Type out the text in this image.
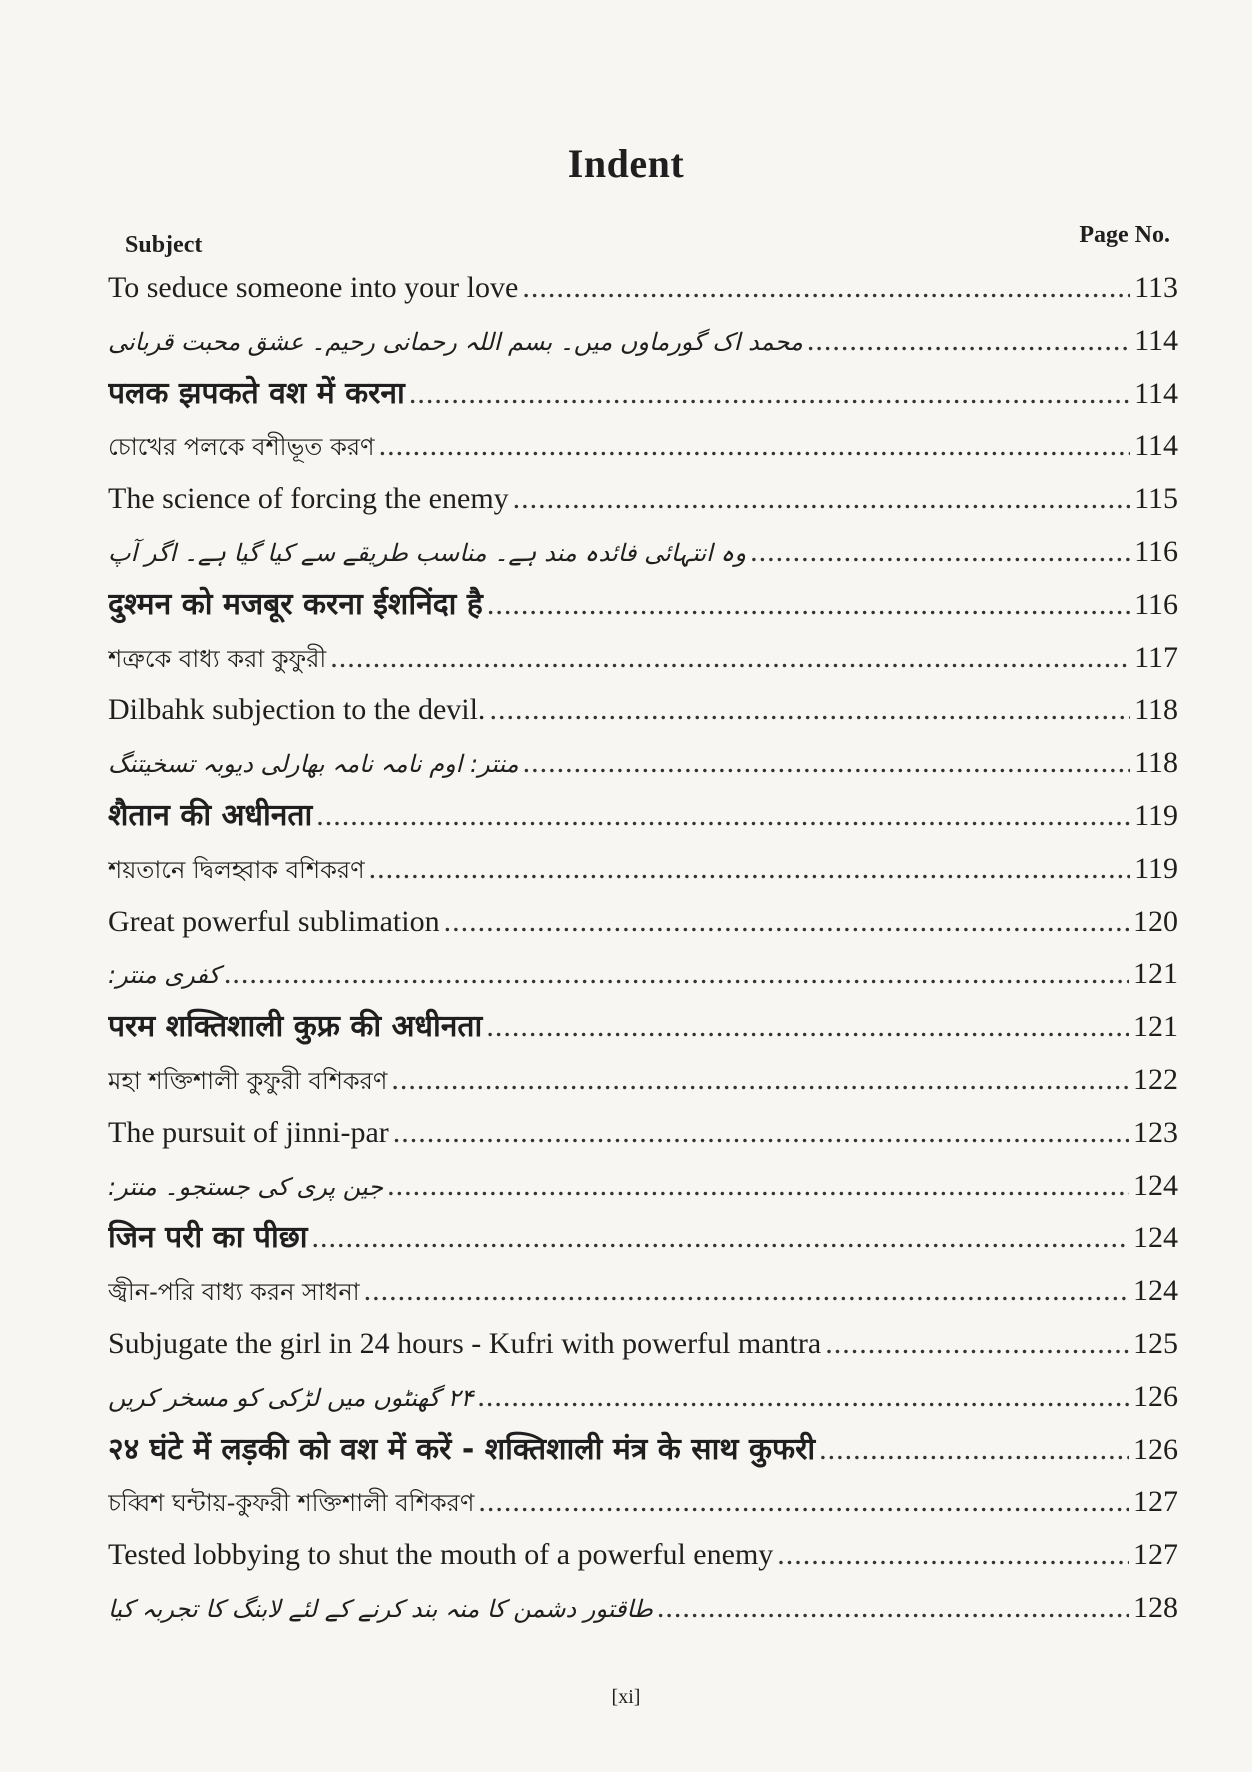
Indent
Subject	Page No.
To seduce someone into your love .....	113
محمد اک گورماوں میں۔ بسم اللہ رحمانی رحیم۔ عشق محبت قربانی .....	114
पलक झपकते वश में करना .....	114
চোখের পলকে বশীভূত করণ .....	114
The science of forcing the enemy .....	115
وہ انتہائی فائدہ مند ہے۔ مناسب طریقے سے کیا گیا ہے۔ اگر آپ .....	116
दुश्मन को मजबूर करना ईशनिंदा है .....	116
শত্রুকে বাধ্য করা কুফুরী .....	117
Dilbahk subjection to the devil. .....	118
منتر: اوم نامہ نامہ بھارلی دیوبہ تسخیتنگ .....	118
शैतान की अधीनता .....	119
শয়তানে দ্বিলহ্বাক বশিকরণ .....	119
Great powerful sublimation .....	120
کفری منتر: .....	121
परम शक्तिशाली कुफ्र की अधीनता .....	121
মহা শক্তিশালী কুফুরী বশিকরণ .....	122
The pursuit of jinni-par .....	123
جین پری کی جستجو۔ منتر: .....	124
जिन परी का पीछा .....	124
জ্বীন-পরি বাধ্য করন সাধনা .....	124
Subjugate the girl in 24 hours - Kufri with powerful mantra .....	125
۲۴ گھنٹوں میں لڑکی کو مسخر کریں .....	126
२४ घंटे में लड़की को वश में करें - शक्तिशाली मंत्र के साथ कुफरी .....	126
চব্বিশ ঘন্টায়-কুফরী শক্তিশালী বশিকরণ .....	127
Tested lobbying to shut the mouth of a powerful enemy .....	127
طاقتور دشمن کا منہ بند کرنے کے لئے لابنگ کا تجربہ کیا .....	128
[xi]
